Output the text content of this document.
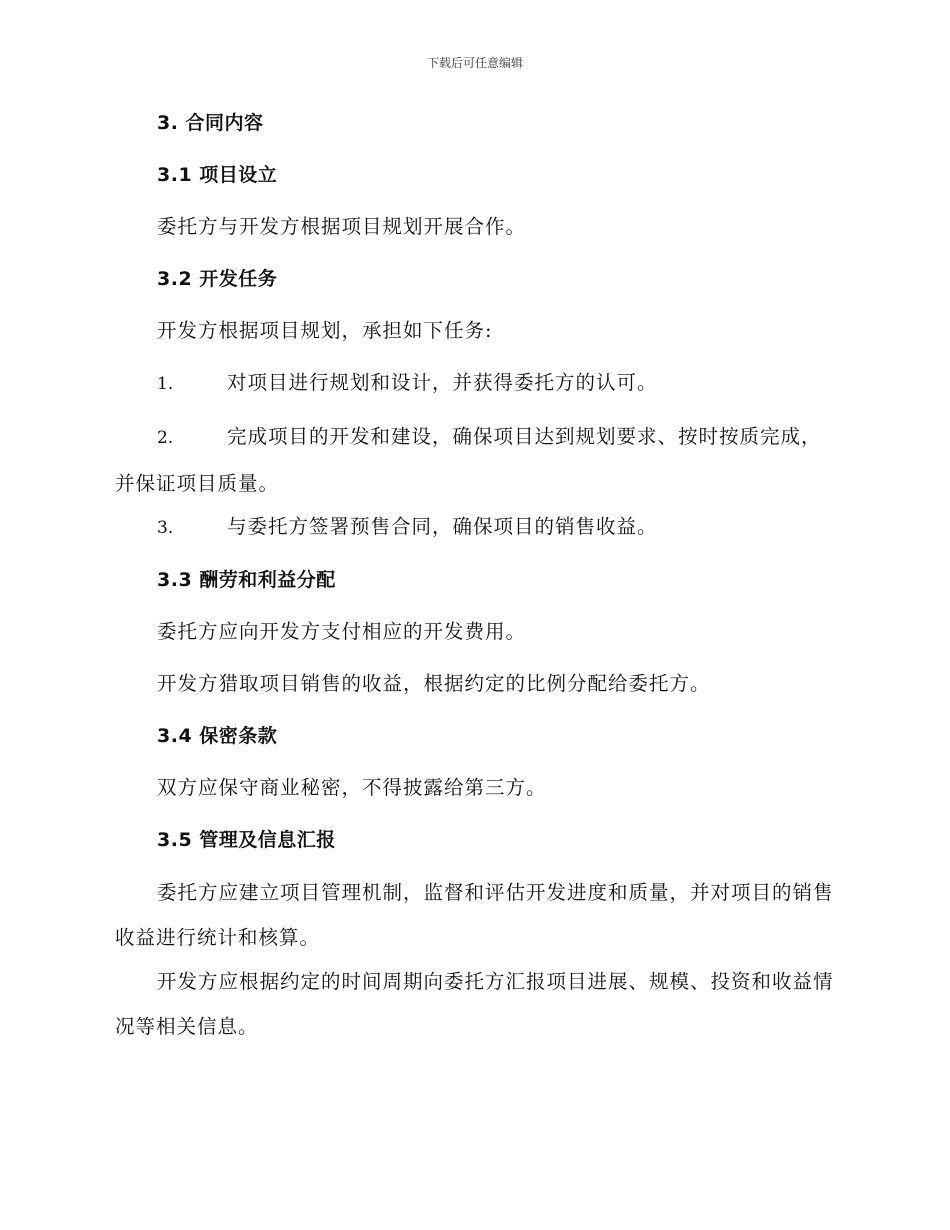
下载后可任意编辑

3. 合同内容

3.1 项目设立

委托方与开发方根据项目规划开展合作。

3.2 开发任务

开发方根据项目规划，承担如下任务:

1.	对项目进行规划和设计，并获得委托方的认可。

2.	完成项目的开发和建设，确保项目达到规划要求、按时按质完成，并保证项目质量。

3.	与委托方签署预售合同，确保项目的销售收益。

3.3 酬劳和利益分配

委托方应向开发方支付相应的开发费用。

开发方猎取项目销售的收益，根据约定的比例分配给委托方。

3.4 保密条款

双方应保守商业秘密，不得披露给第三方。

3.5 管理及信息汇报

委托方应建立项目管理机制，监督和评估开发进度和质量，并对项目的销售收益进行统计和核算。

开发方应根据约定的时间周期向委托方汇报项目进展、规模、投资和收益情况等相关信息。
